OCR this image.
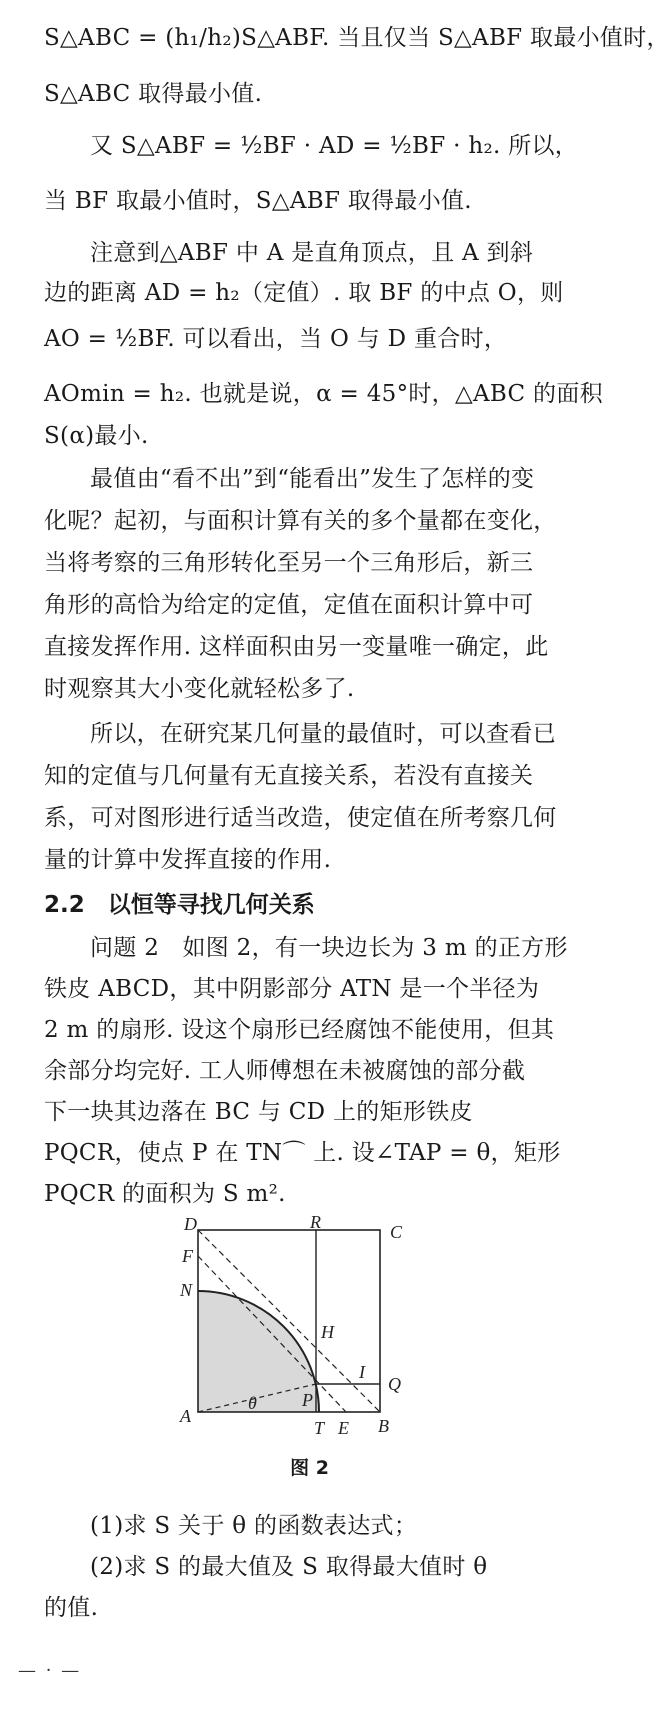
S△ABC = (h₁/h₂)S△ABF. 当且仅当 S△ABF 取最小值时，
S△ABC 取得最小值.
又 S△ABF = ½BF · AD = ½BF · h₂. 所以，
当 BF 取最小值时，S△ABF 取得最小值.
注意到△ABF 中 A 是直角顶点，且 A 到斜
边的距离 AD = h₂（定值）. 取 BF 的中点 O，则
AO = ½BF. 可以看出，当 O 与 D 重合时，
AOmin = h₂. 也就是说，α = 45°时，△ABC 的面积
S(α)最小.
最值由“看不出”到“能看出”发生了怎样的变
化呢？起初，与面积计算有关的多个量都在变化，
当将考察的三角形转化至另一个三角形后，新三
角形的高恰为给定的定值，定值在面积计算中可
直接发挥作用. 这样面积由另一变量唯一确定，此
时观察其大小变化就轻松多了.
所以，在研究某几何量的最值时，可以查看已
知的定值与几何量有无直接关系，若没有直接关
系，可对图形进行适当改造，使定值在所考察几何
量的计算中发挥直接的作用.
2.2　以恒等寻找几何关系
问题 2　如图 2，有一块边长为 3 m 的正方形
铁皮 ABCD，其中阴影部分 ATN 是一个半径为
2 m 的扇形. 设这个扇形已经腐蚀不能使用，但其
余部分均完好. 工人师傅想在未被腐蚀的部分截
下一块其边落在 BC 与 CD 上的矩形铁皮
PQCR，使点 P 在 TN⌒ 上. 设∠TAP = θ，矩形
PQCR 的面积为 S m².
D	R	C
F
N
H
I
Q
θ	P
A
T E B
图 2
(1)求 S 关于 θ 的函数表达式；
(2)求 S 的最大值及 S 取得最大值时 θ
的值.
— · —
